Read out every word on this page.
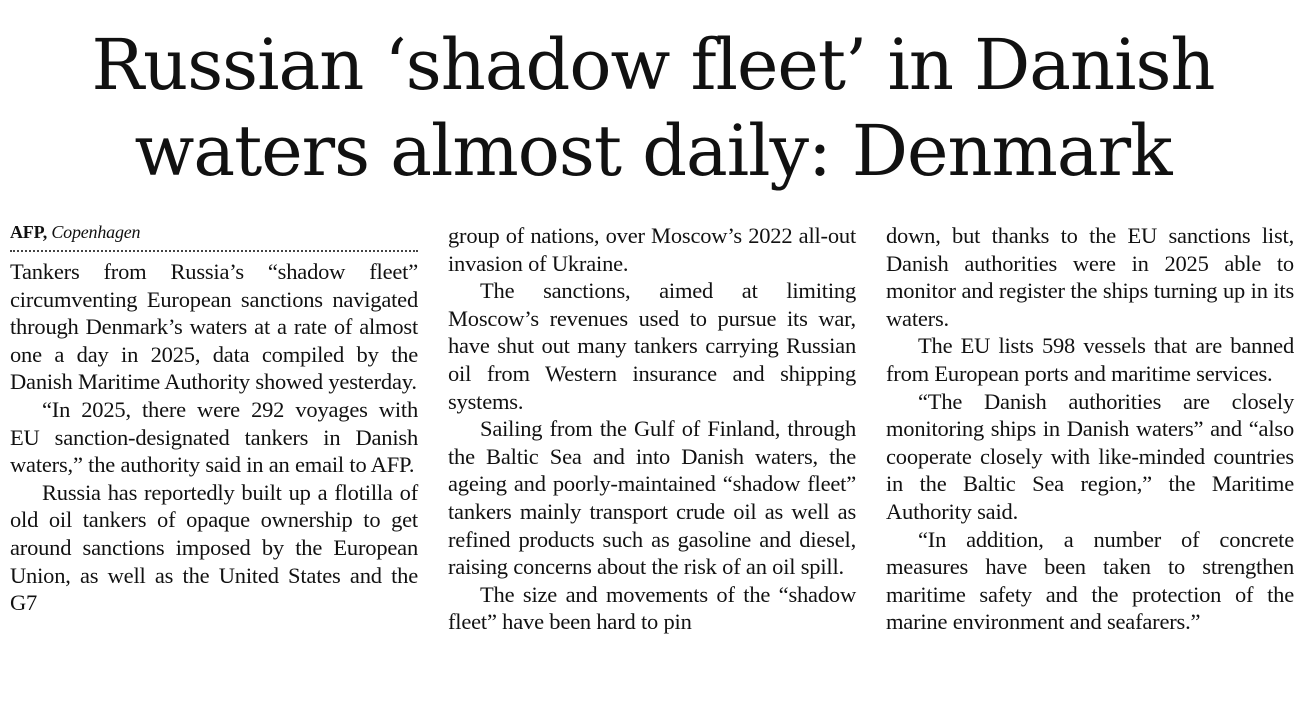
Russian ‘shadow fleet’ in Danish
waters almost daily: Denmark
AFP, Copenhagen

Tankers from Russia’s “shadow fleet” circumventing European sanctions navigated through Denmark’s waters at a rate of almost one a day in 2025, data compiled by the Danish Maritime Authority showed yesterday.

“In 2025, there were 292 voyages with EU sanction-designated tankers in Danish waters,” the authority said in an email to AFP.

Russia has reportedly built up a flotilla of old oil tankers of opaque ownership to get around sanctions imposed by the European Union, as well as the United States and the G7

group of nations, over Moscow’s 2022 all-out invasion of Ukraine.

The sanctions, aimed at limiting Moscow’s revenues used to pursue its war, have shut out many tankers carrying Russian oil from Western insurance and shipping systems.

Sailing from the Gulf of Finland, through the Baltic Sea and into Danish waters, the ageing and poorly-maintained “shadow fleet” tankers mainly transport crude oil as well as refined products such as gasoline and diesel, raising concerns about the risk of an oil spill.

The size and movements of the “shadow fleet” have been hard to pin

down, but thanks to the EU sanctions list, Danish authorities were in 2025 able to monitor and register the ships turning up in its waters.

The EU lists 598 vessels that are banned from European ports and maritime services.

“The Danish authorities are closely monitoring ships in Danish waters” and “also cooperate closely with like-minded countries in the Baltic Sea region,” the Maritime Authority said.

“In addition, a number of concrete measures have been taken to strengthen maritime safety and the protection of the marine environment and seafarers.”
